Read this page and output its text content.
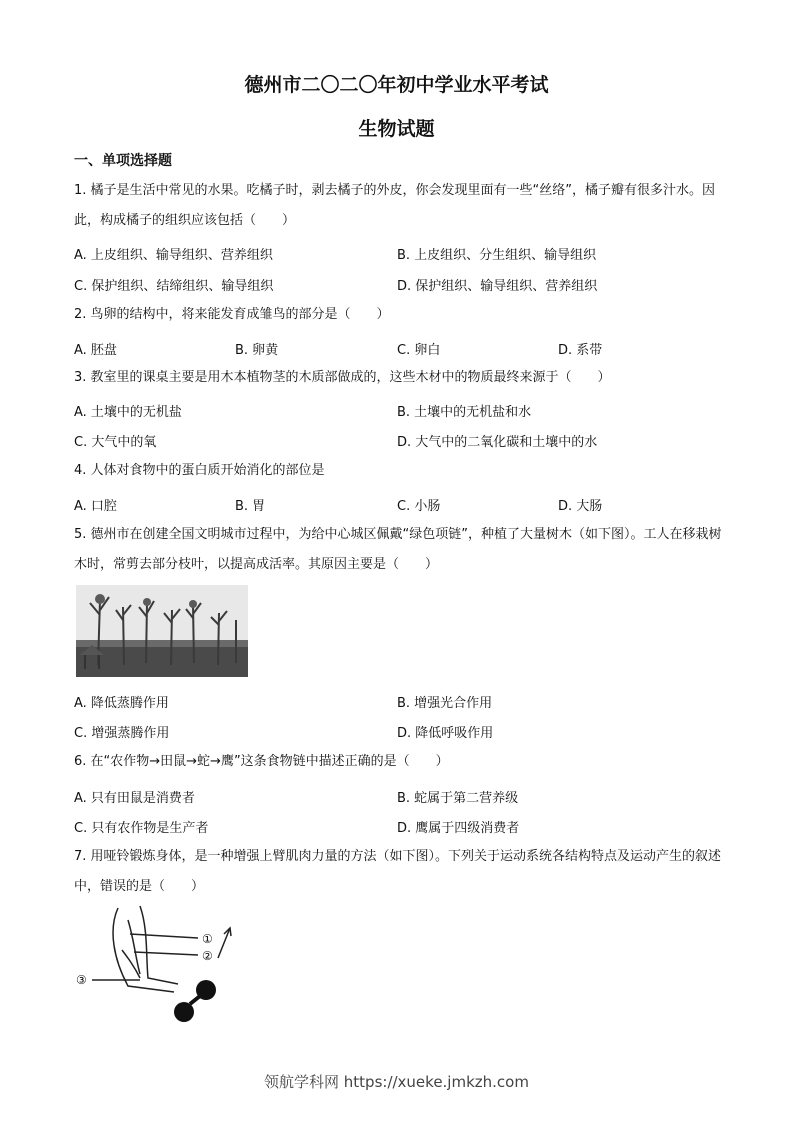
德州市二〇二〇年初中学业水平考试
生物试题
一、单项选择题
1. 橘子是生活中常见的水果。吃橘子时，剥去橘子的外皮，你会发现里面有一些“丝络”，橘子瓣有很多汁水。因此，构成橘子的组织应该包括（　　）
A. 上皮组织、输导组织、营养组织	B. 上皮组织、分生组织、输导组织
C. 保护组织、结缔组织、输导组织	D. 保护组织、输导组织、营养组织
2. 鸟卵的结构中，将来能发育成雏鸟的部分是（　　）
A. 胚盘	B. 卵黄	C. 卵白	D. 系带
3. 教室里的课桌主要是用木本植物茎的木质部做成的，这些木材中的物质最终来源于（　　）
A. 土壤中的无机盐	B. 土壤中的无机盐和水
C. 大气中的氧	D. 大气中的二氧化碳和土壤中的水
4. 人体对食物中的蛋白质开始消化的部位是
A. 口腔	B. 胃	C. 小肠	D. 大肠
5. 德州市在创建全国文明城市过程中，为给中心城区佩戴“绿色项链”，种植了大量树木（如下图）。工人在移栽树木时，常剪去部分枝叶，以提高成活率。其原因主要是（　　）
A. 降低蒸腾作用	B. 增强光合作用
C. 增强蒸腾作用	D. 降低呼吸作用
6. 在“农作物→田鼠→蛇→鹰”这条食物链中描述正确的是（　　）
A. 只有田鼠是消费者	B. 蛇属于第二营养级
C. 只有农作物是生产者	D. 鹰属于四级消费者
7. 用哑铃锻炼身体，是一种增强上臂肌肉力量的方法（如下图）。下列关于运动系统各结构特点及运动产生的叙述中，错误的是（　　）
①
②
③
领航学科网 https://xueke.jmkzh.com
